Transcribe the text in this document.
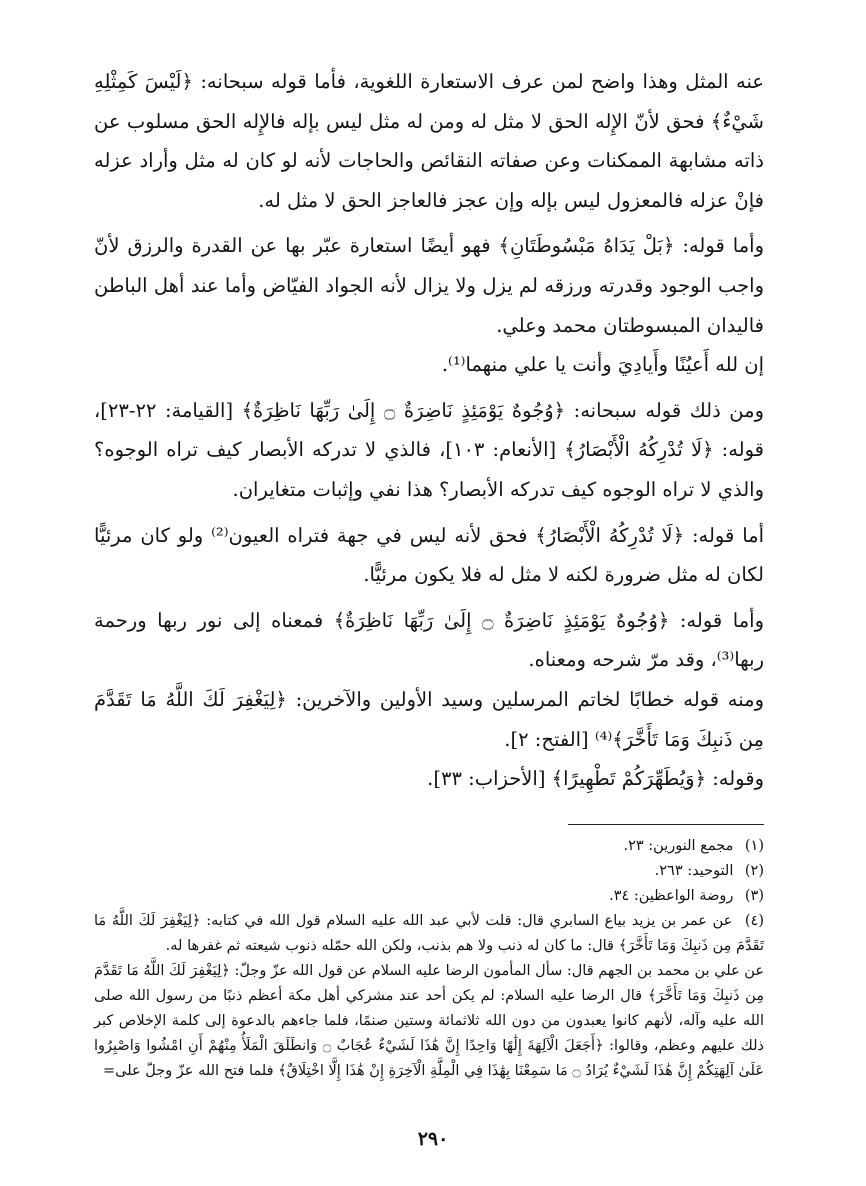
عنه المثل وهذا واضح لمن عرف الاستعارة اللغوية، فأما قوله سبحانه: ﴿لَيْسَ كَمِثْلِهِ شَيْءٌ﴾ فحق لأنّ الإِله الحق لا مثل له ومن له مثل ليس بإله فالإِله الحق مسلوب عن ذاته مشابهة الممكنات وعن صفاته النقائص والحاجات لأنه لو كان له مثل وأراد عزله فإنْ عزله فالمعزول ليس بإله وإن عجز فالعاجز الحق لا مثل له.

وأما قوله: ﴿بَلْ يَدَاهُ مَبْسُوطَتَانِ﴾ فهو أيضًا استعارة عبّر بها عن القدرة والرزق لأنّ واجب الوجود وقدرته ورزقه لم يزل ولا يزال لأنه الجواد الفيّاض وأما عند أهل الباطن فاليدان المبسوطتان محمد وعلي.

إن لله أَعيُنًا وأَيادِيَ وأنت يا علي منهما⁽¹⁾.

ومن ذلك قوله سبحانه: ﴿وُجُوهٌ يَوْمَئِذٍ نَاضِرَةٌ ۝ إِلَىٰ رَبِّهَا نَاظِرَةٌ﴾ [القيامة: ٢٢-٢٣]، قوله: ﴿لَا تُدْرِكُهُ الْأَبْصَارُ﴾ [الأنعام: ١٠٣]، فالذي لا تدركه الأبصار كيف تراه الوجوه؟ والذي لا تراه الوجوه كيف تدركه الأبصار؟ هذا نفي وإثبات متغايران.

أما قوله: ﴿لَا تُدْرِكُهُ الْأَبْصَارُ﴾ فحق لأنه ليس في جهة فتراه العيون⁽²⁾ ولو كان مرئيًّا لكان له مثل ضرورة لكنه لا مثل له فلا يكون مرئيًّا.

وأما قوله: ﴿وُجُوهٌ يَوْمَئِذٍ نَاضِرَةٌ ۝ إِلَىٰ رَبِّهَا نَاظِرَةٌ﴾ فمعناه إلى نور ربها ورحمة ربها⁽³⁾، وقد مرّ شرحه ومعناه.

ومنه قوله خطابًا لخاتم المرسلين وسيد الأولين والآخرين: ﴿لِيَغْفِرَ لَكَ اللَّهُ مَا تَقَدَّمَ مِن ذَنبِكَ وَمَا تَأَخَّرَ﴾⁽⁴⁾ [الفتح: ٢].

وقوله: ﴿وَيُطَهِّرَكُمْ تَطْهِيرًا﴾ [الأحزاب: ٣٣].

(١) مجمع النورين: ٢٣.

(٢) التوحيد: ٢٦٣.

(٣) روضة الواعظين: ٣٤.

(٤) عن عمر بن يزيد بياع السابري قال: قلت لأبي عبد الله عليه السلام قول الله في كتابه: ﴿لِيَغْفِرَ لَكَ اللَّهُ مَا تَقَدَّمَ مِن ذَنبِكَ وَمَا تَأَخَّرَ﴾ قال: ما كان له ذنب ولا هم بذنب، ولكن الله حمّله ذنوب شيعته ثم غفرها له.

عن علي بن محمد بن الجهم قال: سأل المأمون الرضا عليه السلام عن قول الله عزّ وجلّ: ﴿لِيَغْفِرَ لَكَ اللَّهُ مَا تَقَدَّمَ مِن ذَنبِكَ وَمَا تَأَخَّرَ﴾ قال الرضا عليه السلام: لم يكن أحد عند مشركي أهل مكة أعظم ذنبًا من رسول الله صلى الله عليه وآله، لأنهم كانوا يعبدون من دون الله ثلاثمائة وستين صنمًا، فلما جاءهم بالدعوة إلى كلمة الإخلاص كبر ذلك عليهم وعظم، وقالوا: ﴿أَجَعَلَ الْآلِهَةَ إِلَٰهًا وَاحِدًا إِنَّ هَٰذَا لَشَيْءٌ عُجَابٌ ۝ وَانطَلَقَ الْمَلَأُ مِنْهُمْ أَنِ امْشُوا وَاصْبِرُوا عَلَىٰ آلِهَتِكُمْ إِنَّ هَٰذَا لَشَيْءٌ يُرَادُ ۝ مَا سَمِعْنَا بِهَٰذَا فِي الْمِلَّةِ الْآخِرَةِ إِنْ هَٰذَا إِلَّا اخْتِلَاقٌ﴾ فلما فتح الله عزّ وجلّ على=

٢٩٠
